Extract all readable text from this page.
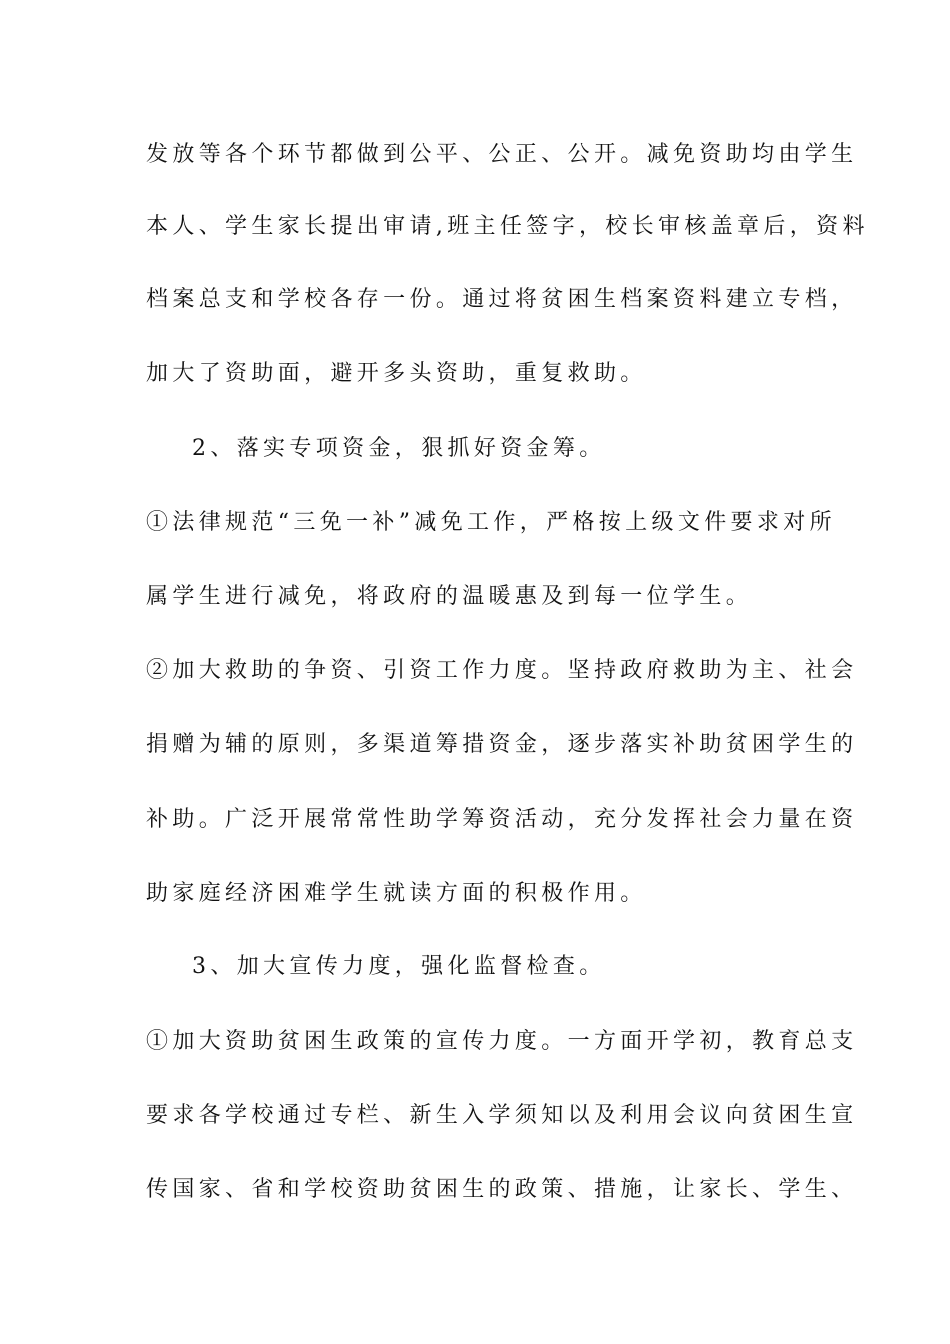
发放等各个环节都做到公平、公正、公开。减免资助均由学生
本人、学生家长提出审请,班主任签字，校长审核盖章后，资料
档案总支和学校各存一份。通过将贫困生档案资料建立专档，
加大了资助面，避开多头资助，重复救助。
2、落实专项资金，狠抓好资金筹。
①法律规范“三免一补”减免工作，严格按上级文件要求对所
属学生进行减免，将政府的温暖惠及到每一位学生。
②加大救助的争资、引资工作力度。坚持政府救助为主、社会
捐赠为辅的原则，多渠道筹措资金，逐步落实补助贫困学生的
补助。广泛开展常常性助学筹资活动，充分发挥社会力量在资
助家庭经济困难学生就读方面的积极作用。
3、加大宣传力度，强化监督检查。
①加大资助贫困生政策的宣传力度。一方面开学初，教育总支
要求各学校通过专栏、新生入学须知以及利用会议向贫困生宣
传国家、省和学校资助贫困生的政策、措施，让家长、学生、
